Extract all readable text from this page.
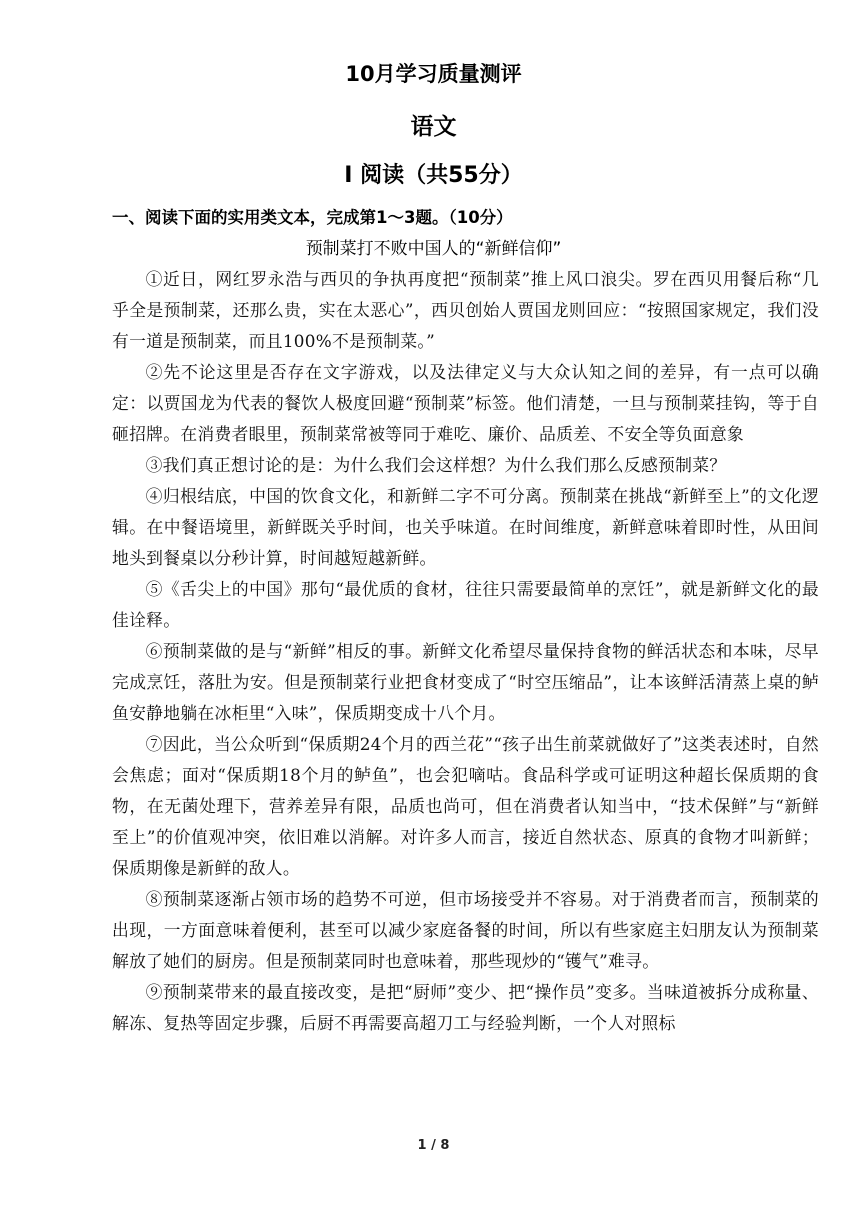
10月学习质量测评
语文
I 阅读（共55分）
一、阅读下面的实用类文本，完成第1～3题。（10分）
预制菜打不败中国人的“新鲜信仰”

①近日，网红罗永浩与西贝的争执再度把“预制菜”推上风口浪尖。罗在西贝用餐后称“几乎全是预制菜，还那么贵，实在太恶心”，西贝创始人贾国龙则回应：“按照国家规定，我们没有一道是预制菜，而且100%不是预制菜。”

②先不论这里是否存在文字游戏，以及法律定义与大众认知之间的差异，有一点可以确定：以贾国龙为代表的餐饮人极度回避“预制菜”标签。他们清楚，一旦与预制菜挂钩，等于自砸招牌。在消费者眼里，预制菜常被等同于难吃、廉价、品质差、不安全等负面意象

③我们真正想讨论的是：为什么我们会这样想？为什么我们那么反感预制菜？

④归根结底，中国的饮食文化，和新鲜二字不可分离。预制菜在挑战“新鲜至上”的文化逻辑。在中餐语境里，新鲜既关乎时间，也关乎味道。在时间维度，新鲜意味着即时性，从田间地头到餐桌以分秒计算，时间越短越新鲜。

⑤《舌尖上的中国》那句“最优质的食材，往往只需要最简单的烹饪”，就是新鲜文化的最佳诠释。

⑥预制菜做的是与“新鲜”相反的事。新鲜文化希望尽量保持食物的鲜活状态和本味，尽早完成烹饪，落肚为安。但是预制菜行业把食材变成了“时空压缩品”，让本该鲜活清蒸上桌的鲈鱼安静地躺在冰柜里“入味”，保质期变成十八个月。

⑦因此，当公众听到“保质期24个月的西兰花”“孩子出生前菜就做好了”这类表述时，自然会焦虑；面对“保质期18个月的鲈鱼”，也会犯嘀咕。食品科学或可证明这种超长保质期的食物，在无菌处理下，营养差异有限，品质也尚可，但在消费者认知当中，“技术保鲜”与“新鲜至上”的价值观冲突，依旧难以消解。对许多人而言，接近自然状态、原真的食物才叫新鲜；保质期像是新鲜的敌人。

⑧预制菜逐渐占领市场的趋势不可逆，但市场接受并不容易。对于消费者而言，预制菜的出现，一方面意味着便利，甚至可以减少家庭备餐的时间，所以有些家庭主妇朋友认为预制菜解放了她们的厨房。但是预制菜同时也意味着，那些现炒的“镬气”难寻。

⑨预制菜带来的最直接改变，是把“厨师”变少、把“操作员”变多。当味道被拆分成称量、解冻、复热等固定步骤，后厨不再需要高超刀工与经验判断，一个人对照标

1 / 8
